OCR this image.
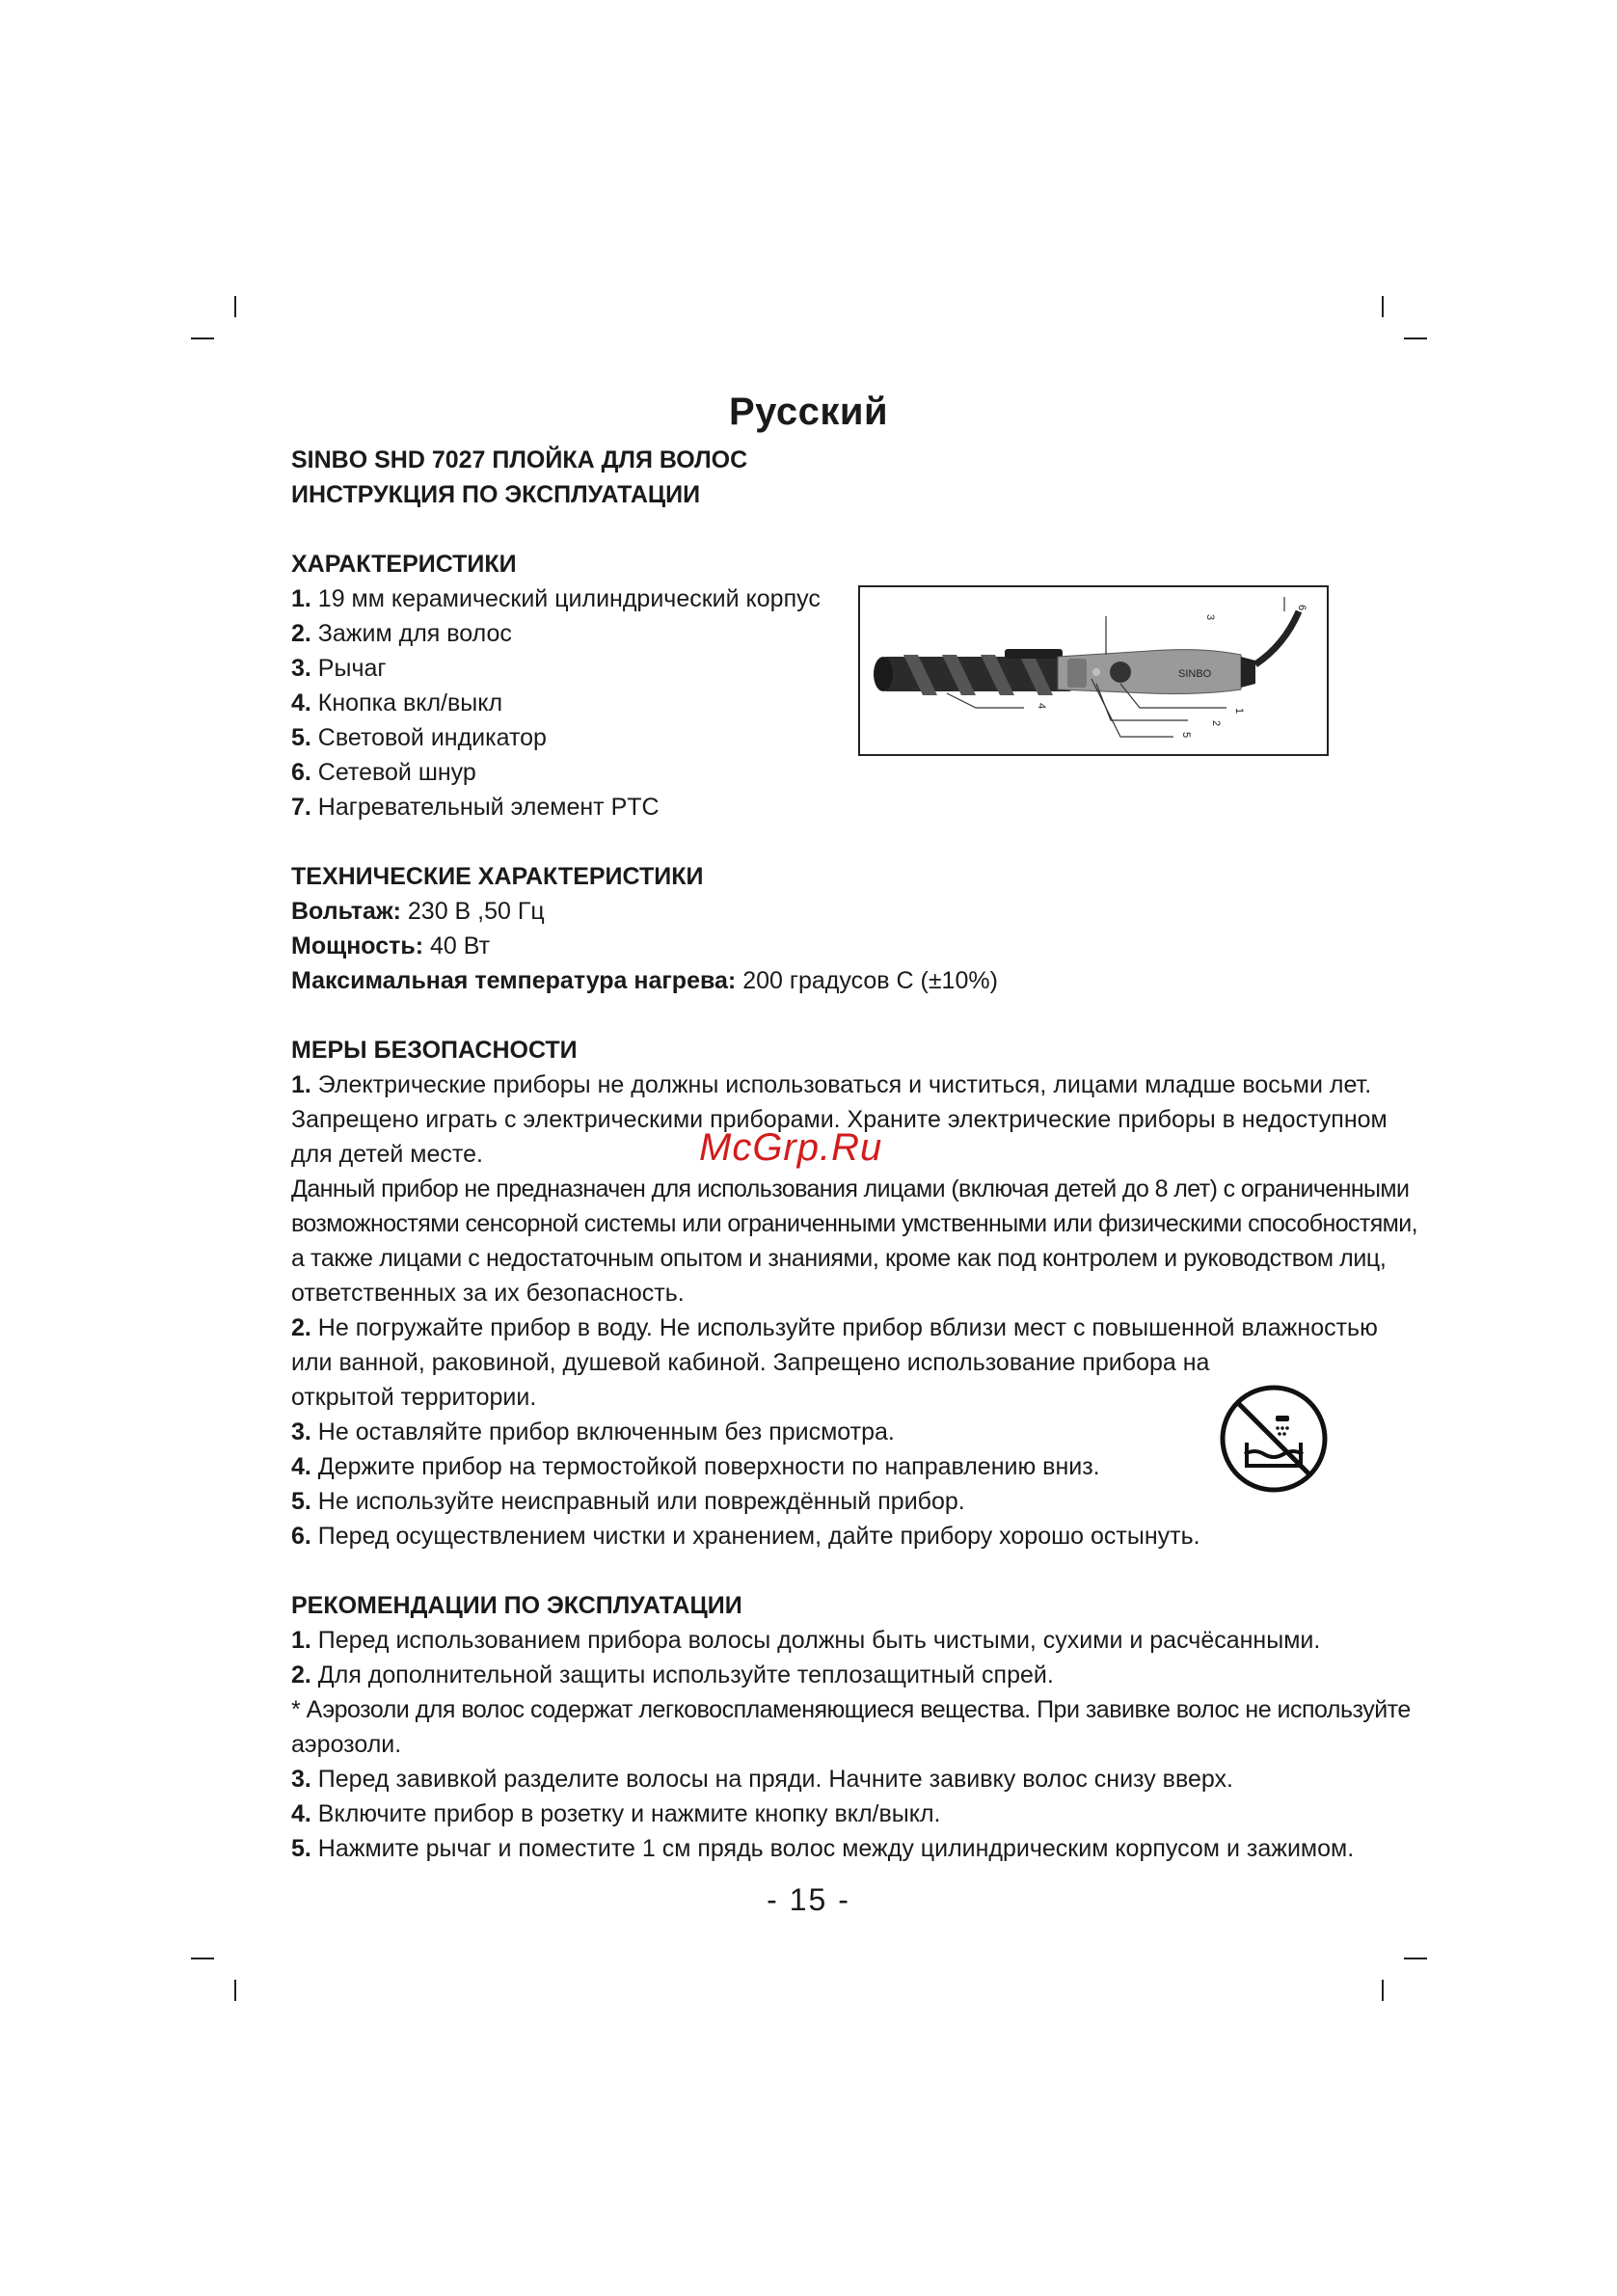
Русский
SINBO SHD 7027 ПЛОЙКА ДЛЯ ВОЛОС
ИНСТРУКЦИЯ ПО ЭКСПЛУАТАЦИИ
ХАРАКТЕРИСТИКИ
1. 19 мм керамический цилиндрический корпус
2. Зажим для волос
3. Рычаг
4. Кнопка вкл/выкл
5. Световой индикатор
6. Сетевой шнур
7. Нагревательный элемент PTC
ТЕХНИЧЕСКИЕ ХАРАКТЕРИСТИКИ
Вольтаж: 230 В ,50 Гц
Мощность: 40 Вт
Максимальная температура нагрева: 200 градусов С (±10%)
МЕРЫ БЕЗОПАСНОСТИ
1. Электрические приборы не должны использоваться и чиститься, лицами младше восьми лет.
Запрещено играть с электрическими приборами. Храните электрические приборы в недоступном
для детей месте.
Данный прибор не предназначен для использования лицами (включая детей до 8 лет) с ограниченными
возможностями сенсорной системы или ограниченными умственными или физическими способностями,
а также лицами с недостаточным опытом и знаниями, кроме как под контролем и руководством лиц,
ответственных за их безопасность.
2. Не погружайте прибор в воду. Не используйте прибор вблизи мест с повышенной влажностью
или ванной, раковиной, душевой кабиной. Запрещено использование прибора на
открытой территории.
3. Не оставляйте прибор включенным без присмотра.
4. Держите прибор на термостойкой поверхности по направлению вниз.
5. Не используйте неисправный или повреждённый прибор.
6. Перед осуществлением чистки и хранением, дайте прибору хорошо остынуть.
РЕКОМЕНДАЦИИ ПО ЭКСПЛУАТАЦИИ
1. Перед использованием прибора волосы должны быть чистыми, сухими и расчёсанными.
2. Для дополнительной защиты используйте теплозащитный спрей.
* Аэрозоли для волос содержат легковоспламеняющиеся вещества. При завивке волос не используйте
аэрозоли.
3. Перед завивкой разделите волосы на пряди. Начните завивку волос снизу вверх.
4. Включите прибор в розетку и нажмите кнопку вкл/выкл.
5. Нажмите рычаг и поместите 1 см прядь волос между цилиндрическим корпусом и зажимом.
SINBO
6
3
1
2
5
4
McGrp.Ru
- 15 -
